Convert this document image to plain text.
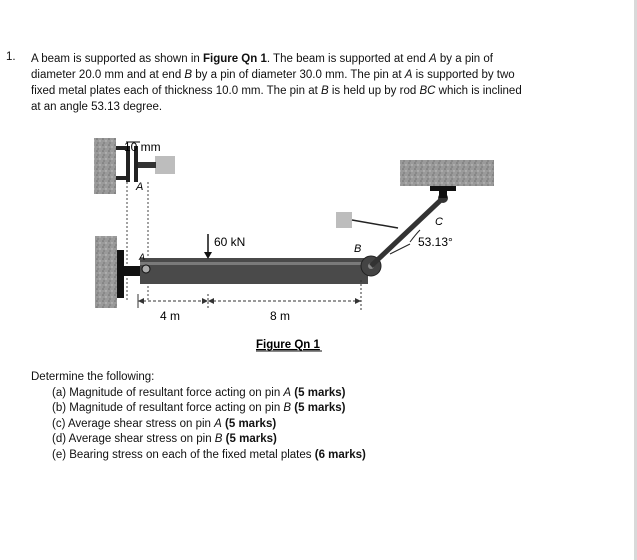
1. A beam is supported as shown in Figure Qn 1. The beam is supported at end A by a pin of
diameter 20.0 mm and at end B by a pin of diameter 30.0 mm. The pin at A is supported by two
fixed metal plates each of thickness 10.0 mm. The pin at B is held up by rod BC which is inclined
at an angle 53.13 degree.
10 mm
A
A
60 kN	B
C
53.13°
4 m	8 m
Figure Qn 1
Determine the following:
(a) Magnitude of resultant force acting on pin A (5 marks)
(b) Magnitude of resultant force acting on pin B (5 marks)
(c) Average shear stress on pin A (5 marks)
(d) Average shear stress on pin B (5 marks)
(e) Bearing stress on each of the fixed metal plates (6 marks)
